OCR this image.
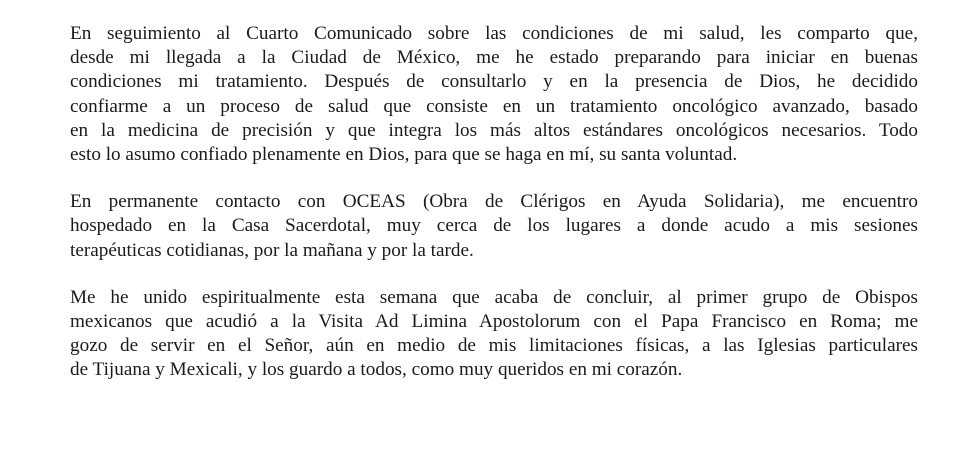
En seguimiento al Cuarto Comunicado sobre las condiciones de mi salud, les comparto que,
desde mi llegada a la Ciudad de México, me he estado preparando para iniciar en buenas
condiciones mi tratamiento. Después de consultarlo y en la presencia de Dios, he decidido
confiarme a un proceso de salud que consiste en un tratamiento oncológico avanzado, basado
en la medicina de precisión y que integra los más altos estándares oncológicos necesarios. Todo
esto lo asumo confiado plenamente en Dios, para que se haga en mí, su santa voluntad.
En permanente contacto con OCEAS (Obra de Clérigos en Ayuda Solidaria), me encuentro
hospedado en la Casa Sacerdotal, muy cerca de los lugares a donde acudo a mis sesiones
terapéuticas cotidianas, por la mañana y por la tarde.
Me he unido espiritualmente esta semana que acaba de concluir, al primer grupo de Obispos
mexicanos que acudió a la Visita Ad Limina Apostolorum con el Papa Francisco en Roma; me
gozo de servir en el Señor, aún en medio de mis limitaciones físicas, a las Iglesias particulares
de Tijuana y Mexicali, y los guardo a todos, como muy queridos en mi corazón.
